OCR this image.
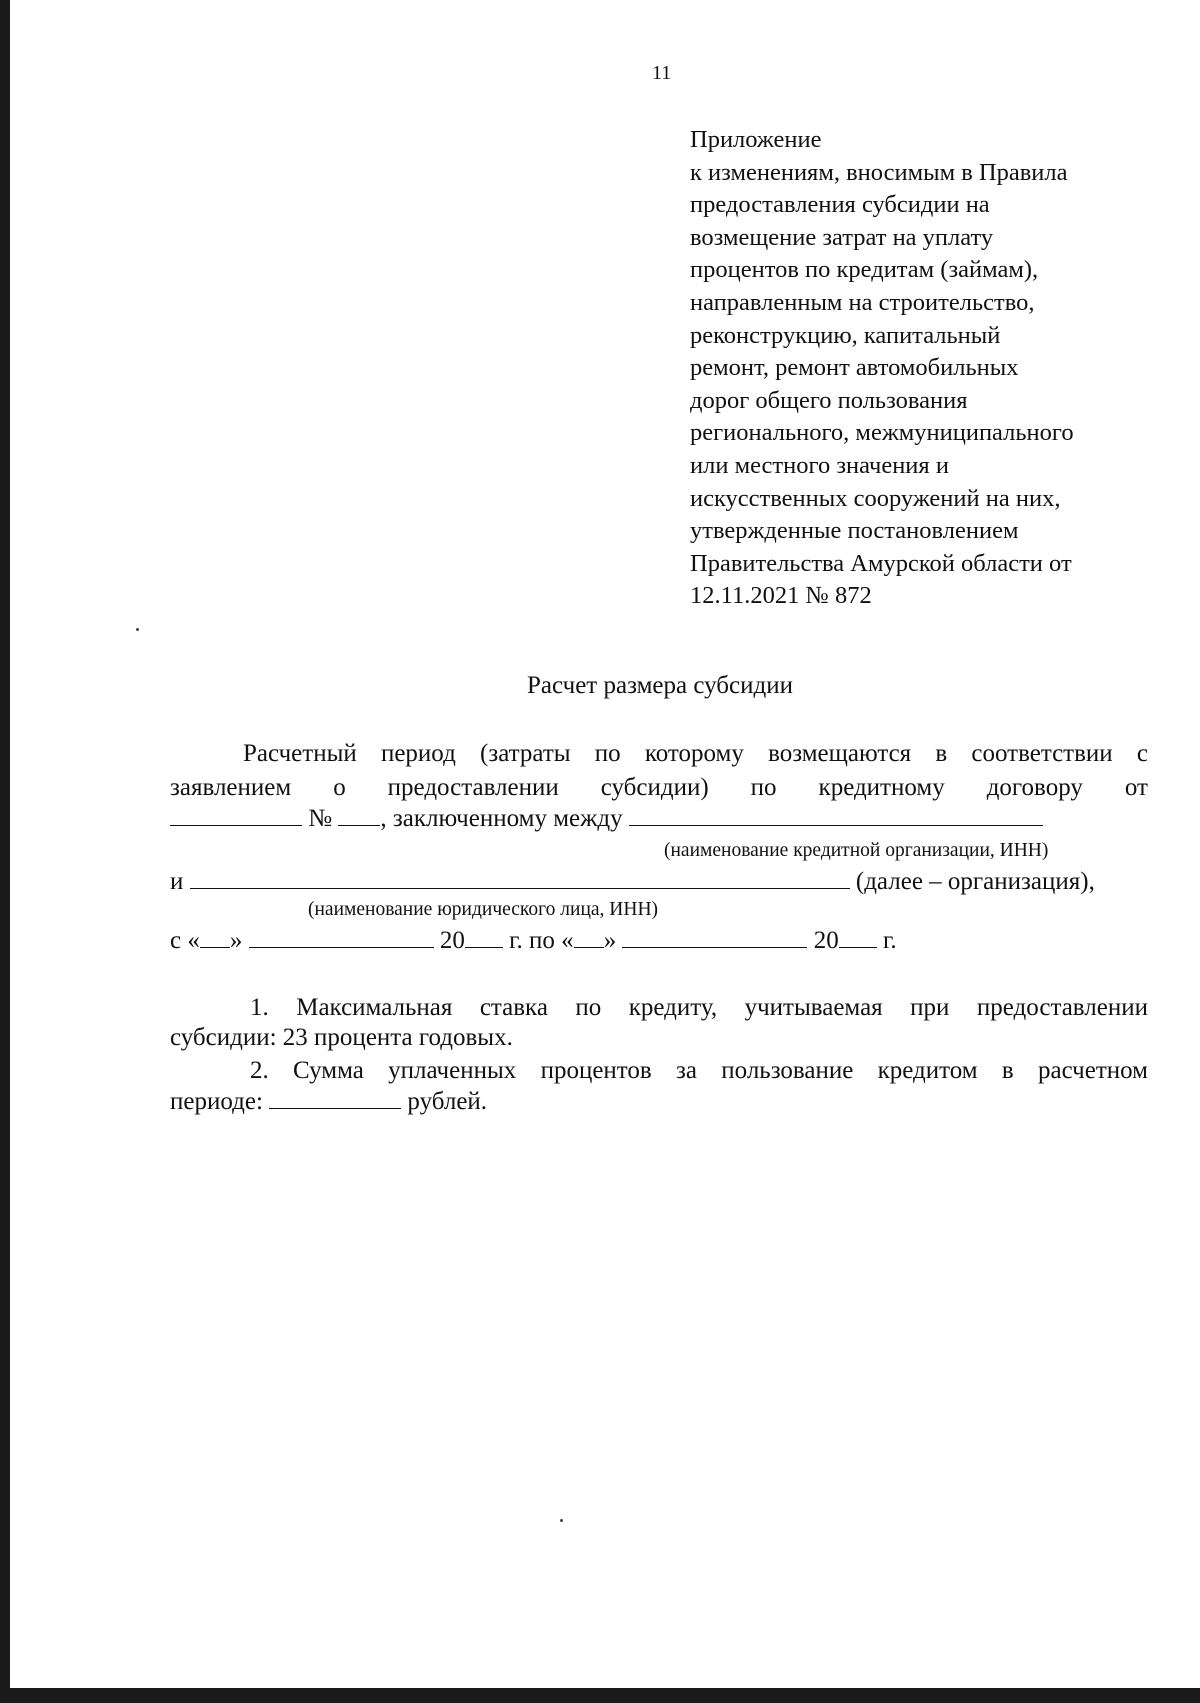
11
Приложение
к изменениям, вносимым в Правила
предоставления субсидии на
возмещение затрат на уплату
процентов по кредитам (займам),
направленным на строительство,
реконструкцию, капитальный
ремонт, ремонт автомобильных
дорог общего пользования
регионального, межмуниципального
или местного значения и
искусственных сооружений на них,
утвержденные постановлением
Правительства Амурской области от
12.11.2021 № 872
Расчет размера субсидии
Расчетный период (затраты по которому возмещаются в соответствии с
заявлением о предоставлении субсидии) по кредитному договору от
№ , заключенному между
(наименование кредитной организации, ИНН)
и	(далее – организация),
(наименование юридического лица, ИНН)
с « »	20 г. по « »	20 г.
1. Максимальная ставка по кредиту, учитываемая при предоставлении
субсидии: 23 процента годовых.
2. Сумма уплаченных процентов за пользование кредитом в расчетном
периоде:	рублей.
